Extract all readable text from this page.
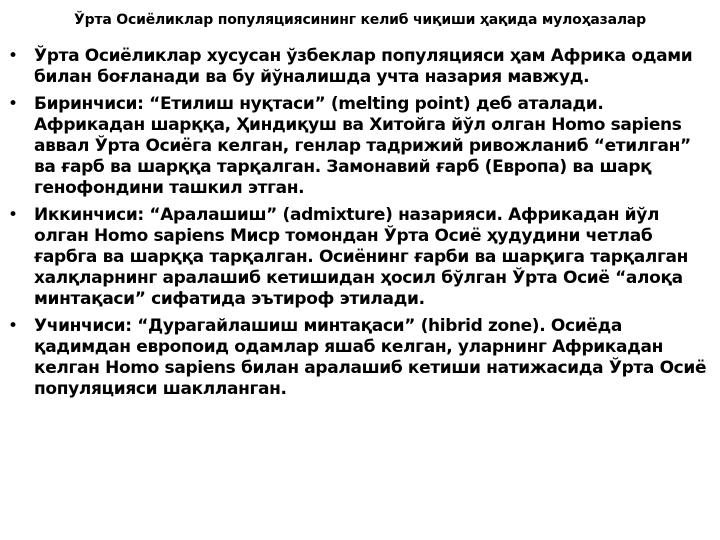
Ўрта Осиёликлар популяциясининг келиб чиқиши ҳақида мулоҳазалар
• Ўрта Осиёликлар хусусан ўзбеклар популяцияси ҳам Африка одами билан боғланади ва бу йўналишда учта назария мавжуд.
• Биринчиси: “Етилиш нуқтаси” (melting point) деб аталади. Африкадан шарққа, Ҳиндиқуш ва Хитойга йўл олган Homo sapiens аввал Ўрта Осиёга келган, генлар тадрижий ривожланиб “етилган” ва ғарб ва шарққа тарқалган. Замонавий ғарб (Европа) ва шарқ генофондини ташкил этган.
• Иккинчиси: “Аралашиш” (admixture) назарияси. Африкадан йўл олган Homo sapiens Миср томондан Ўрта Осиё ҳудудини четлаб ғарбга ва шарққа тарқалган. Осиёнинг ғарби ва шарқига тарқалган халқларнинг аралашиб кетишидан ҳосил бўлган Ўрта Осиё “алоқа минтақаси” сифатида эътироф этилади.
• Учинчиси: “Дурагайлашиш минтақаси” (hibrid zone). Осиёда қадимдан европоид одамлар яшаб келган, уларнинг Африкадан келган Homo sapiens билан аралашиб кетиши натижасида Ўрта Осиё популяцияси шаклланган.
